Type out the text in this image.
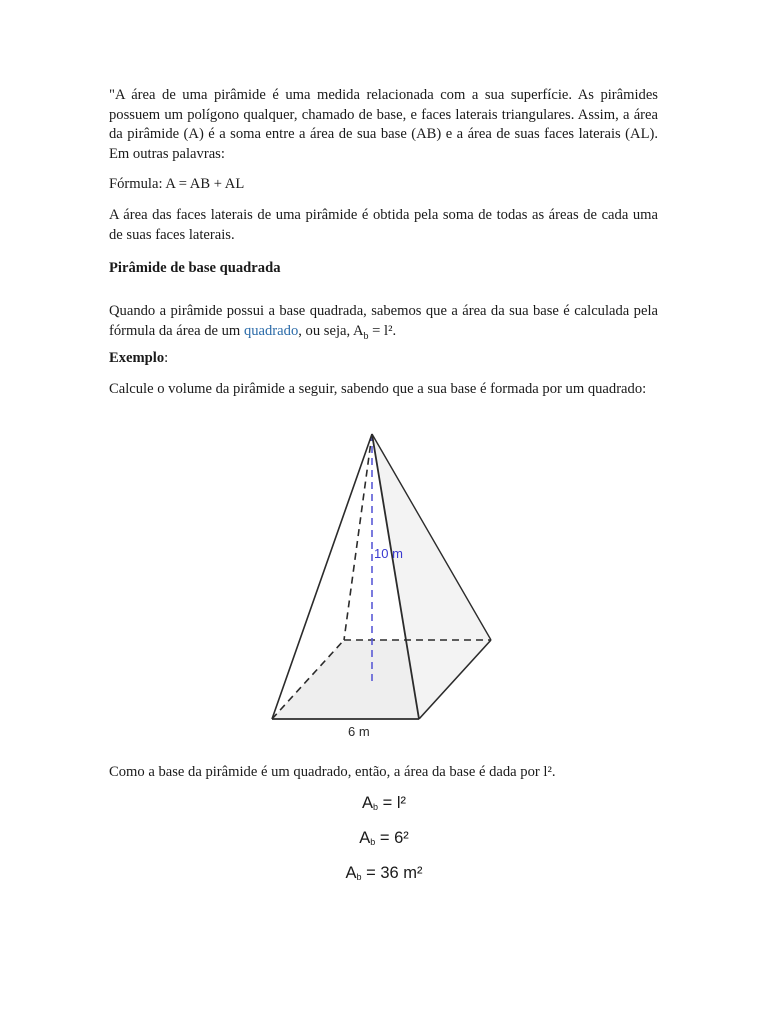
"A área de uma pirâmide é uma medida relacionada com a sua superfície. As pirâmides possuem um polígono qualquer, chamado de base, e faces laterais triangulares. Assim, a área da pirâmide (A) é a soma entre a área de sua base (AB) e a área de suas faces laterais (AL). Em outras palavras:

Fórmula: A = AB + AL

A área das faces laterais de uma pirâmide é obtida pela soma de todas as áreas de cada uma de suas faces laterais.

Pirâmide de base quadrada

Quando a pirâmide possui a base quadrada, sabemos que a área da sua base é calculada pela fórmula da área de um quadrado, ou seja, $A_b = l^2$.

Exemplo:

Calcule o volume da pirâmide a seguir, sabendo que a sua base é formada por um quadrado:

10 m
6 m

Como a base da pirâmide é um quadrado, então, a área da base é dada por l².

$A_b = l^2$
$A_b = 6^2$
$A_b = 36$ m²
